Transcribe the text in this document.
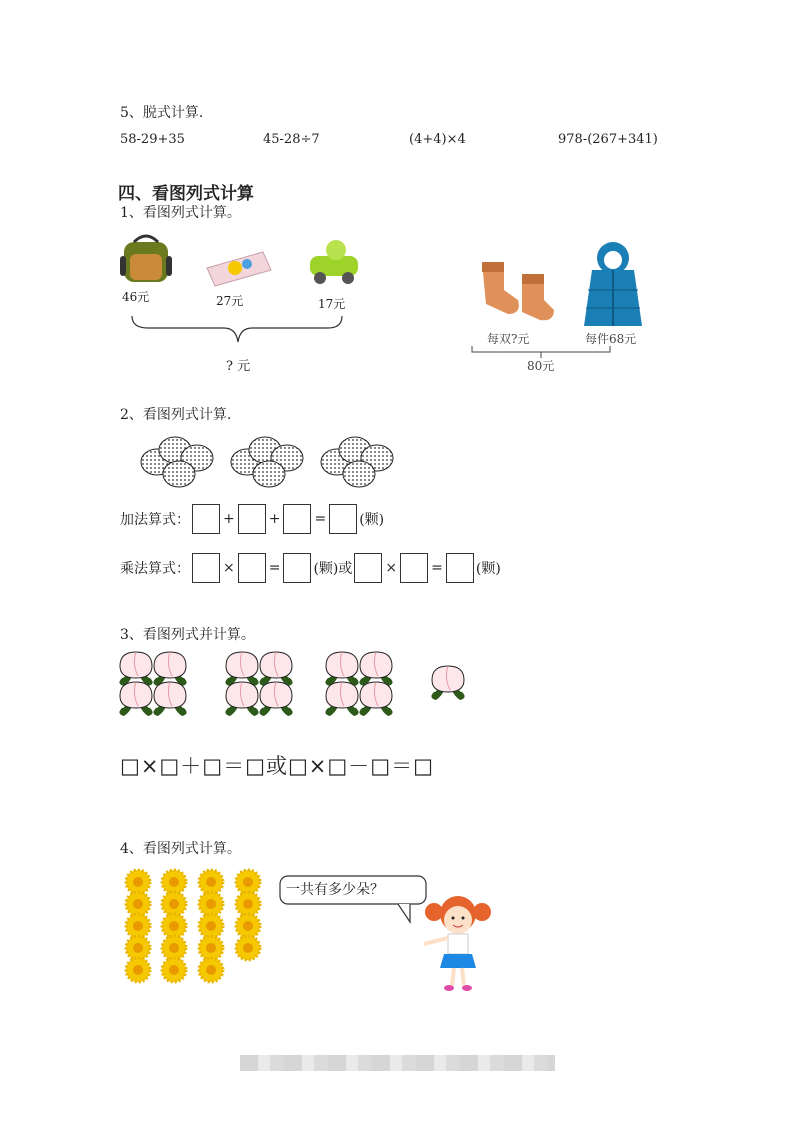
5、脱式计算.
58-29+35	45-28÷7	(4+4)×4	978-(267+341)
四、看图列式计算
1、看图列式计算。
46元	27元	17元
? 元
每双?元	每件68元
80元
2、看图列式计算.
加法算式： + + = (颗)
乘法算式： × = (颗) 或 × = (颗)
3、看图列式并计算。
□×□＋□＝□或□×□－□＝□
4、看图列式计算。
一共有多少朵？
